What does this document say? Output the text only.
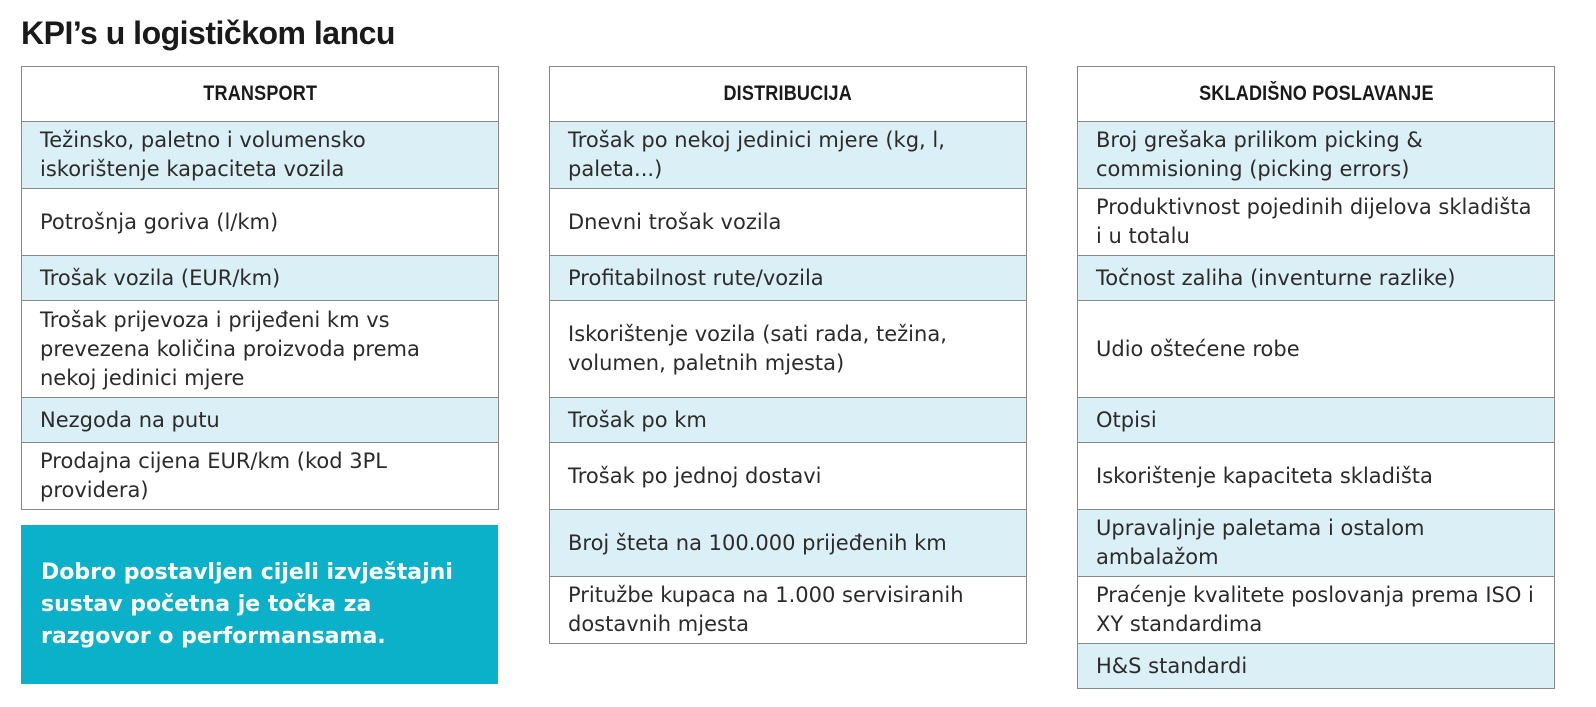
KPI’s u logističkom lancu
TRANSPORT
Težinsko, paletno i volumensko iskorištenje kapaciteta vozila
Potrošnja goriva (l/km)
Trošak vozila (EUR/km)
Trošak prijevoza i prijeđeni km vs prevezena količina proizvoda prema nekoj jedinici mjere
Nezgoda na putu
Prodajna cijena EUR/km (kod 3PL providera)
DISTRIBUCIJA
Trošak po nekoj jedinici mjere (kg, l, paleta...)
Dnevni trošak vozila
Profitabilnost rute/vozila
Iskorištenje vozila (sati rada, težina, volumen, paletnih mjesta)
Trošak po km
Trošak po jednoj dostavi
Broj šteta na 100.000 prijeđenih km
Pritužbe kupaca na 1.000 servisiranih dostavnih mjesta
SKLADIŠNO POSLAVANJE
Broj grešaka prilikom picking & commisioning (picking errors)
Produktivnost pojedinih dijelova skladišta i u totalu
Točnost zaliha (inventurne razlike)
Udio oštećene robe
Otpisi
Iskorištenje kapaciteta skladišta
Upravaljnje paletama i ostalom ambalažom
Praćenje kvalitete poslovanja prema ISO i XY standardima
H&S standardi
Dobro postavljen cijeli izvještajni sustav početna je točka za razgovor o performansama.
